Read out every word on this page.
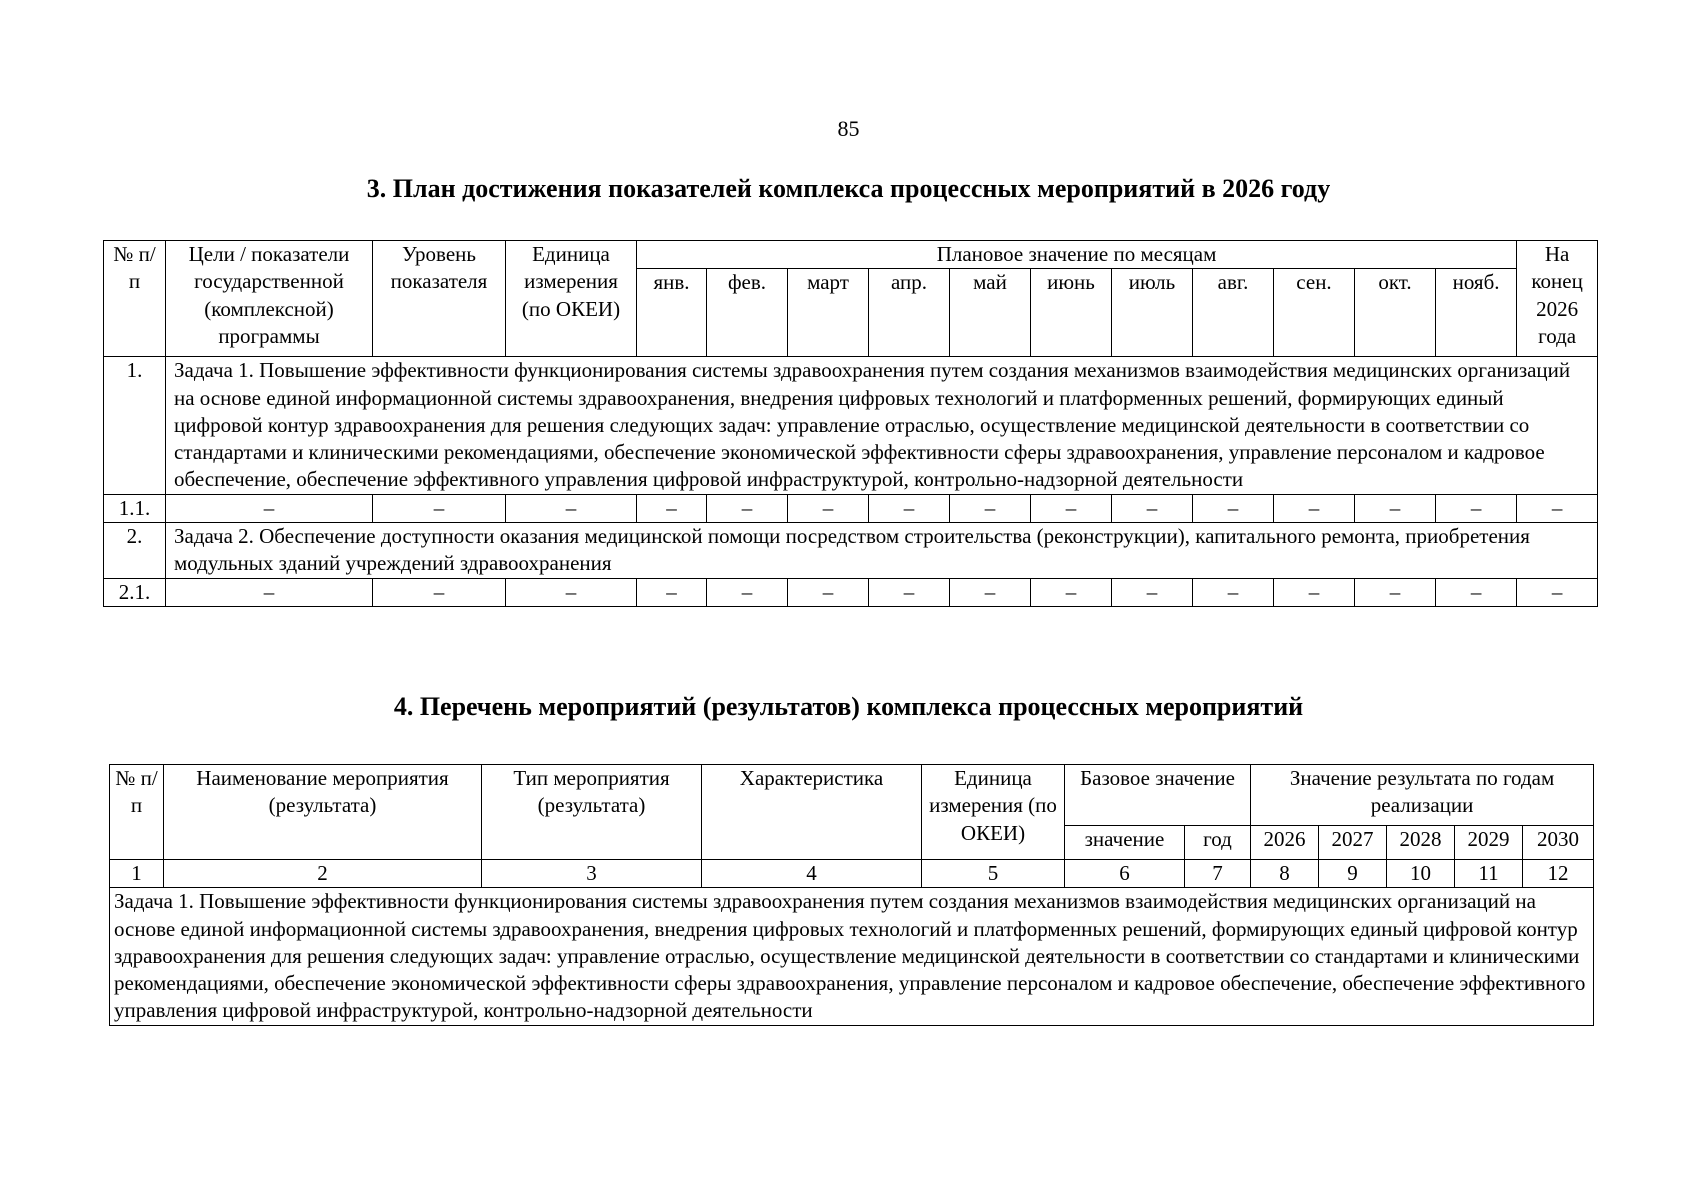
85
3. План достижения показателей комплекса процессных мероприятий в 2026 году
№ п/п	Цели / показатели государственной (комплексной) программы	Уровень показателя	Единица измерения (по ОКЕИ)	Плановое значение по месяцам											На конец 2026 года
				янв.	фев.	март	апр.	май	июнь	июль	авг.	сен.	окт.	нояб.	
1.	Задача 1. Повышение эффективности функционирования системы здравоохранения путем создания механизмов взаимодействия медицинских организаций на основе единой информационной системы здравоохранения, внедрения цифровых технологий и платформенных решений, формирующих единый цифровой контур здравоохранения для решения следующих задач: управление отраслью, осуществление медицинской деятельности в соответствии со стандартами и клиническими рекомендациями, обеспечение экономической эффективности сферы здравоохранения, управление персоналом и кадровое обеспечение, обеспечение эффективного управления цифровой инфраструктурой, контрольно-надзорной деятельности														
1.1.	–	–	–	–	–	–	–	–	–	–	–	–	–	–	–
2.	Задача 2. Обеспечение доступности оказания медицинской помощи посредством строительства (реконструкции), капитального ремонта, приобретения модульных зданий учреждений здравоохранения														
2.1.	–	–	–	–	–	–	–	–	–	–	–	–	–	–	–
4. Перечень мероприятий (результатов) комплекса процессных мероприятий
№ п/п	Наименование мероприятия (результата)	Тип мероприятия (результата)	Характеристика	Единица измерения (по ОКЕИ)	Базовое значение		Значение результата по годам реализации				
					значение	год	2026	2027	2028	2029	2030
1	2	3	4	5	6	7	8	9	10	11	12
Задача 1. Повышение эффективности функционирования системы здравоохранения путем создания механизмов взаимодействия медицинских организаций на основе единой информационной системы здравоохранения, внедрения цифровых технологий и платформенных решений, формирующих единый цифровой контур здравоохранения для решения следующих задач: управление отраслью, осуществление медицинской деятельности в соответствии со стандартами и клиническими рекомендациями, обеспечение экономической эффективности сферы здравоохранения, управление персоналом и кадровое обеспечение, обеспечение эффективного управления цифровой инфраструктурой, контрольно-надзорной деятельности											
